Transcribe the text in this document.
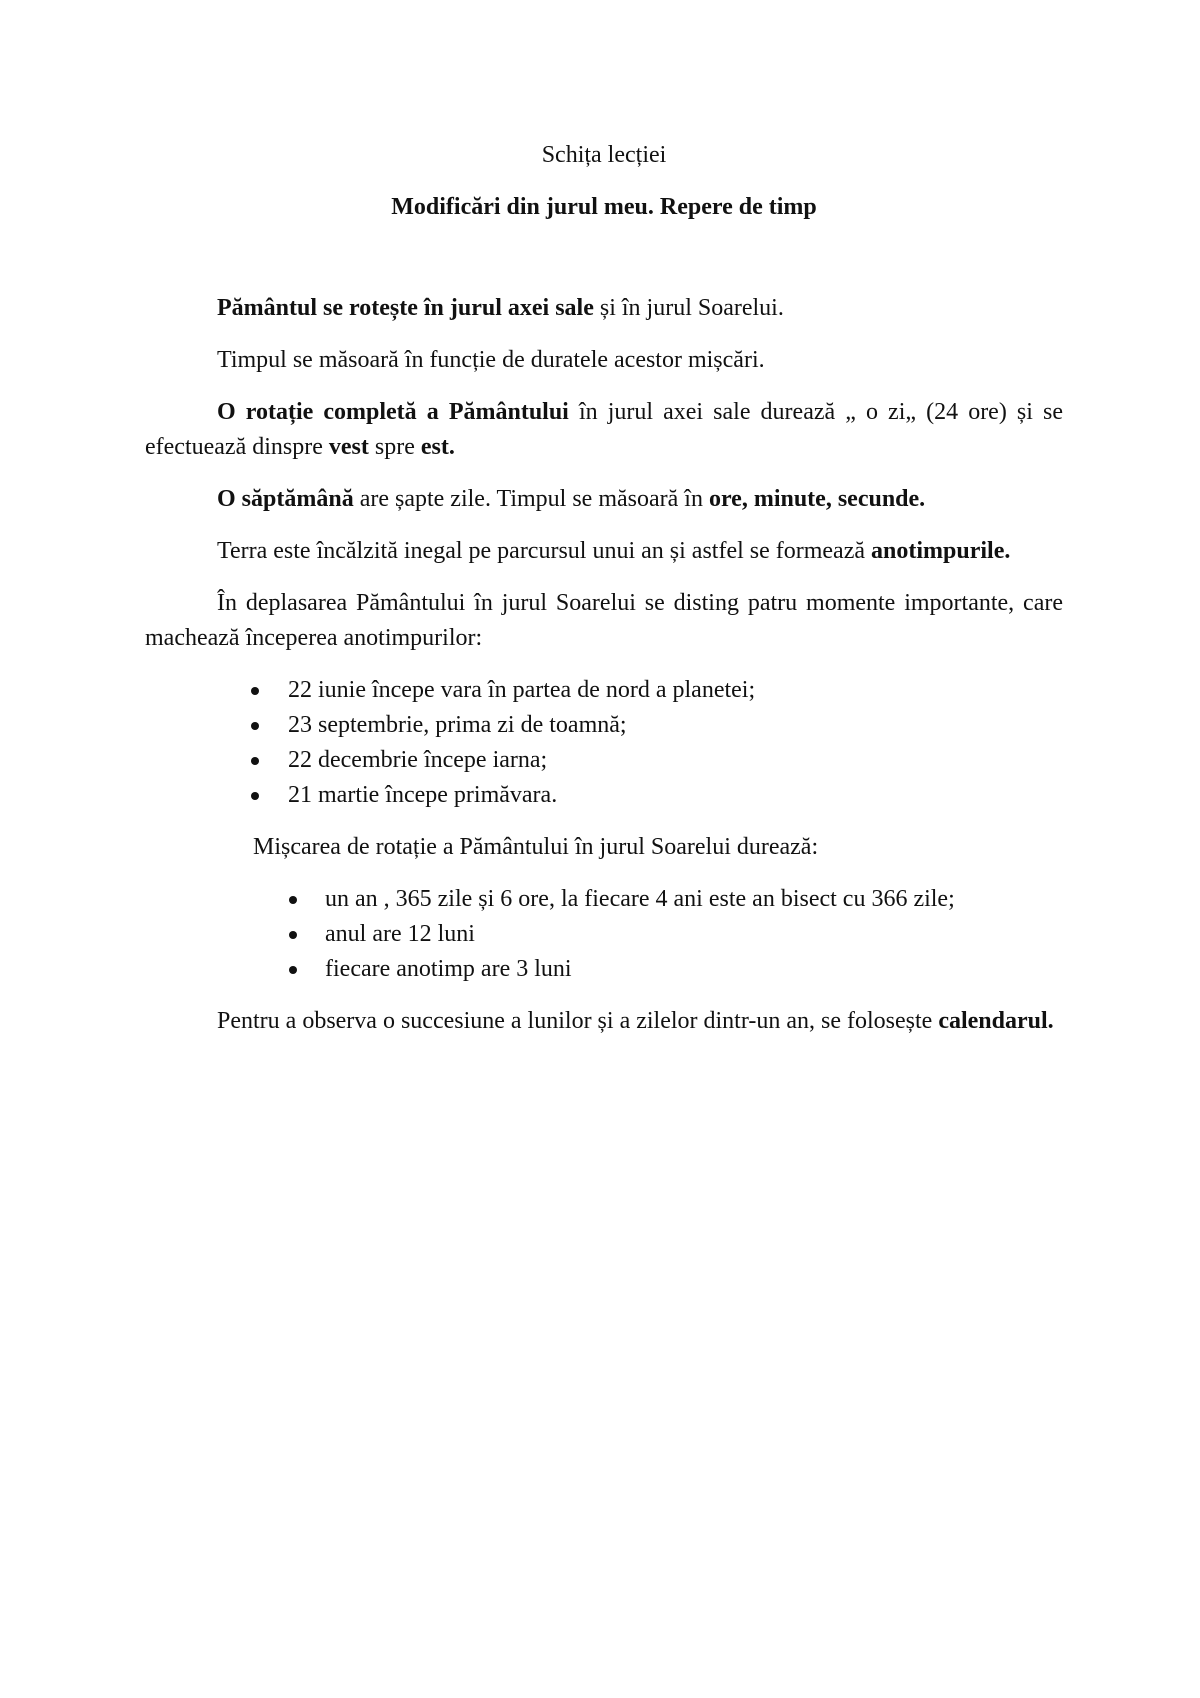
Schița lecției
Modificări din jurul meu. Repere de timp

Pământul se rotește în jurul axei sale și în jurul Soarelui.

Timpul se măsoară în funcție de duratele acestor mișcări.

O rotație completă a Pământului în jurul axei sale durează „ o zi„ (24 ore) și se efectuează dinspre vest spre est.

O săptămână are șapte zile. Timpul se măsoară în ore, minute, secunde.

Terra este încălzită inegal pe parcursul unui an și astfel se formează anotimpurile.

În deplasarea Pământului în jurul Soarelui se disting patru momente importante, care machează începerea anotimpurilor:

22 iunie începe vara în partea de nord a planetei;
23 septembrie, prima zi de toamnă;
22 decembrie începe iarna;
21 martie începe primăvara.

Mișcarea de rotație a Pământului în jurul Soarelui durează:

un an , 365 zile și 6 ore, la fiecare 4 ani este an bisect cu 366 zile;
anul are 12 luni
fiecare anotimp are 3 luni

Pentru a observa o succesiune a lunilor și a zilelor dintr-un an, se folosește calendarul.
